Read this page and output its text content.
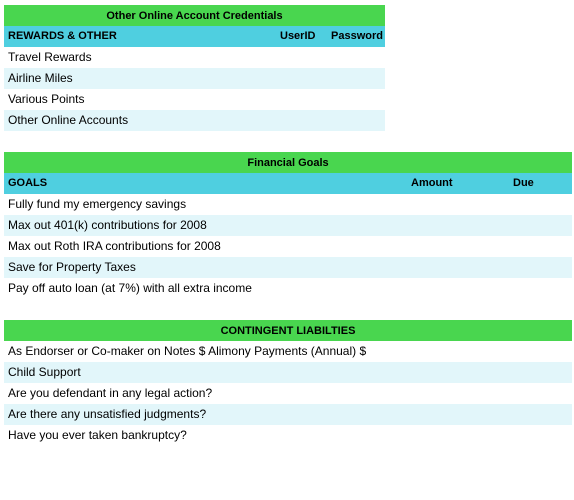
Other Online Account Credentials
REWARDS & OTHER	UserID Password
Travel Rewards
Airline Miles
Various Points
Other Online Accounts
Financial Goals
GOALS	Amount	Due
Fully fund my emergency savings
Max out 401(k) contributions for 2008
Max out Roth IRA contributions for 2008
Save for Property Taxes
Pay off auto loan (at 7%) with all extra income
CONTINGENT LIABILTIES
As Endorser or Co-maker on Notes $ Alimony Payments (Annual) $
Child Support
Are you defendant in any legal action?
Are there any unsatisfied judgments?
Have you ever taken bankruptcy?
